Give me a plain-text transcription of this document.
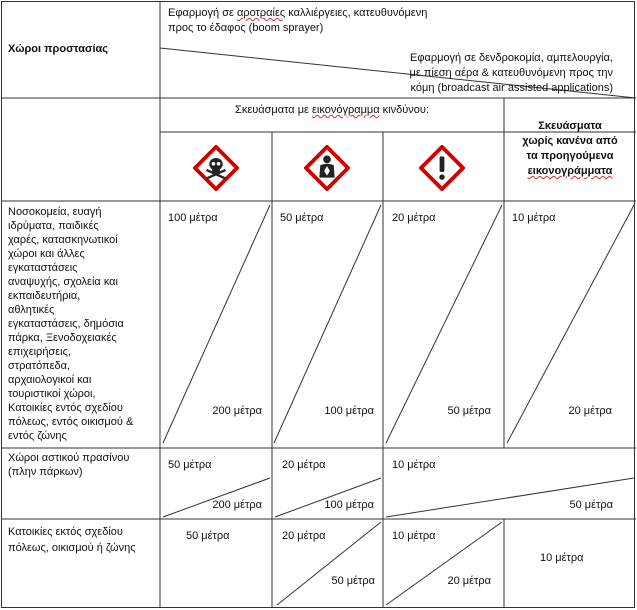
Χώροι προστασίας
Εφαρμογή σε αροτραίες καλλιέργειες, κατευθυνόμενη
προς το έδαφος (boom sprayer)
Εφαρμογή σε δενδροκομία, αμπελουργία,
με πίεση αέρα & κατευθυνόμενη προς την
κόμη (broadcast air assisted applications)
Σκευάσματα με εικονόγραμμα κινδύνου:
Σκευάσματα
χωρίς κανένα από
τα προηγούμενα
εικονογράμματα
Νοσοκομεία, ευαγή
ιδρύματα, παιδικές
χαρές, κατασκηνωτικοί
χώροι και άλλες
εγκαταστάσεις
αναψυχής, σχολεία και
εκπαιδευτήρια,
αθλητικές
εγκαταστάσεις, δημόσια
πάρκα, Ξενοδοχειακές
επιχειρήσεις,
στρατόπεδα,
αρχαιολογικοί και
τουριστικοί χώροι,
Κατοικίες εντός σχεδίου
πόλεως, εντός οικισμού &
εντός ζώνης
100 μέτρα
200 μέτρα
50 μέτρα
100 μέτρα
20 μέτρα
50 μέτρα
10 μέτρα
20 μέτρα
Χώροι αστικού πρασίνου
(πλην πάρκων)
50 μέτρα
200 μέτρα
20 μέτρα
100 μέτρα
10 μέτρα
50 μέτρα
Κατοικίες εκτός σχεδίου
πόλεως, οικισμού ή ζώνης
50 μέτρα	20 μέτρα
50 μέτρα
10 μέτρα
20 μέτρα
10 μέτρα
